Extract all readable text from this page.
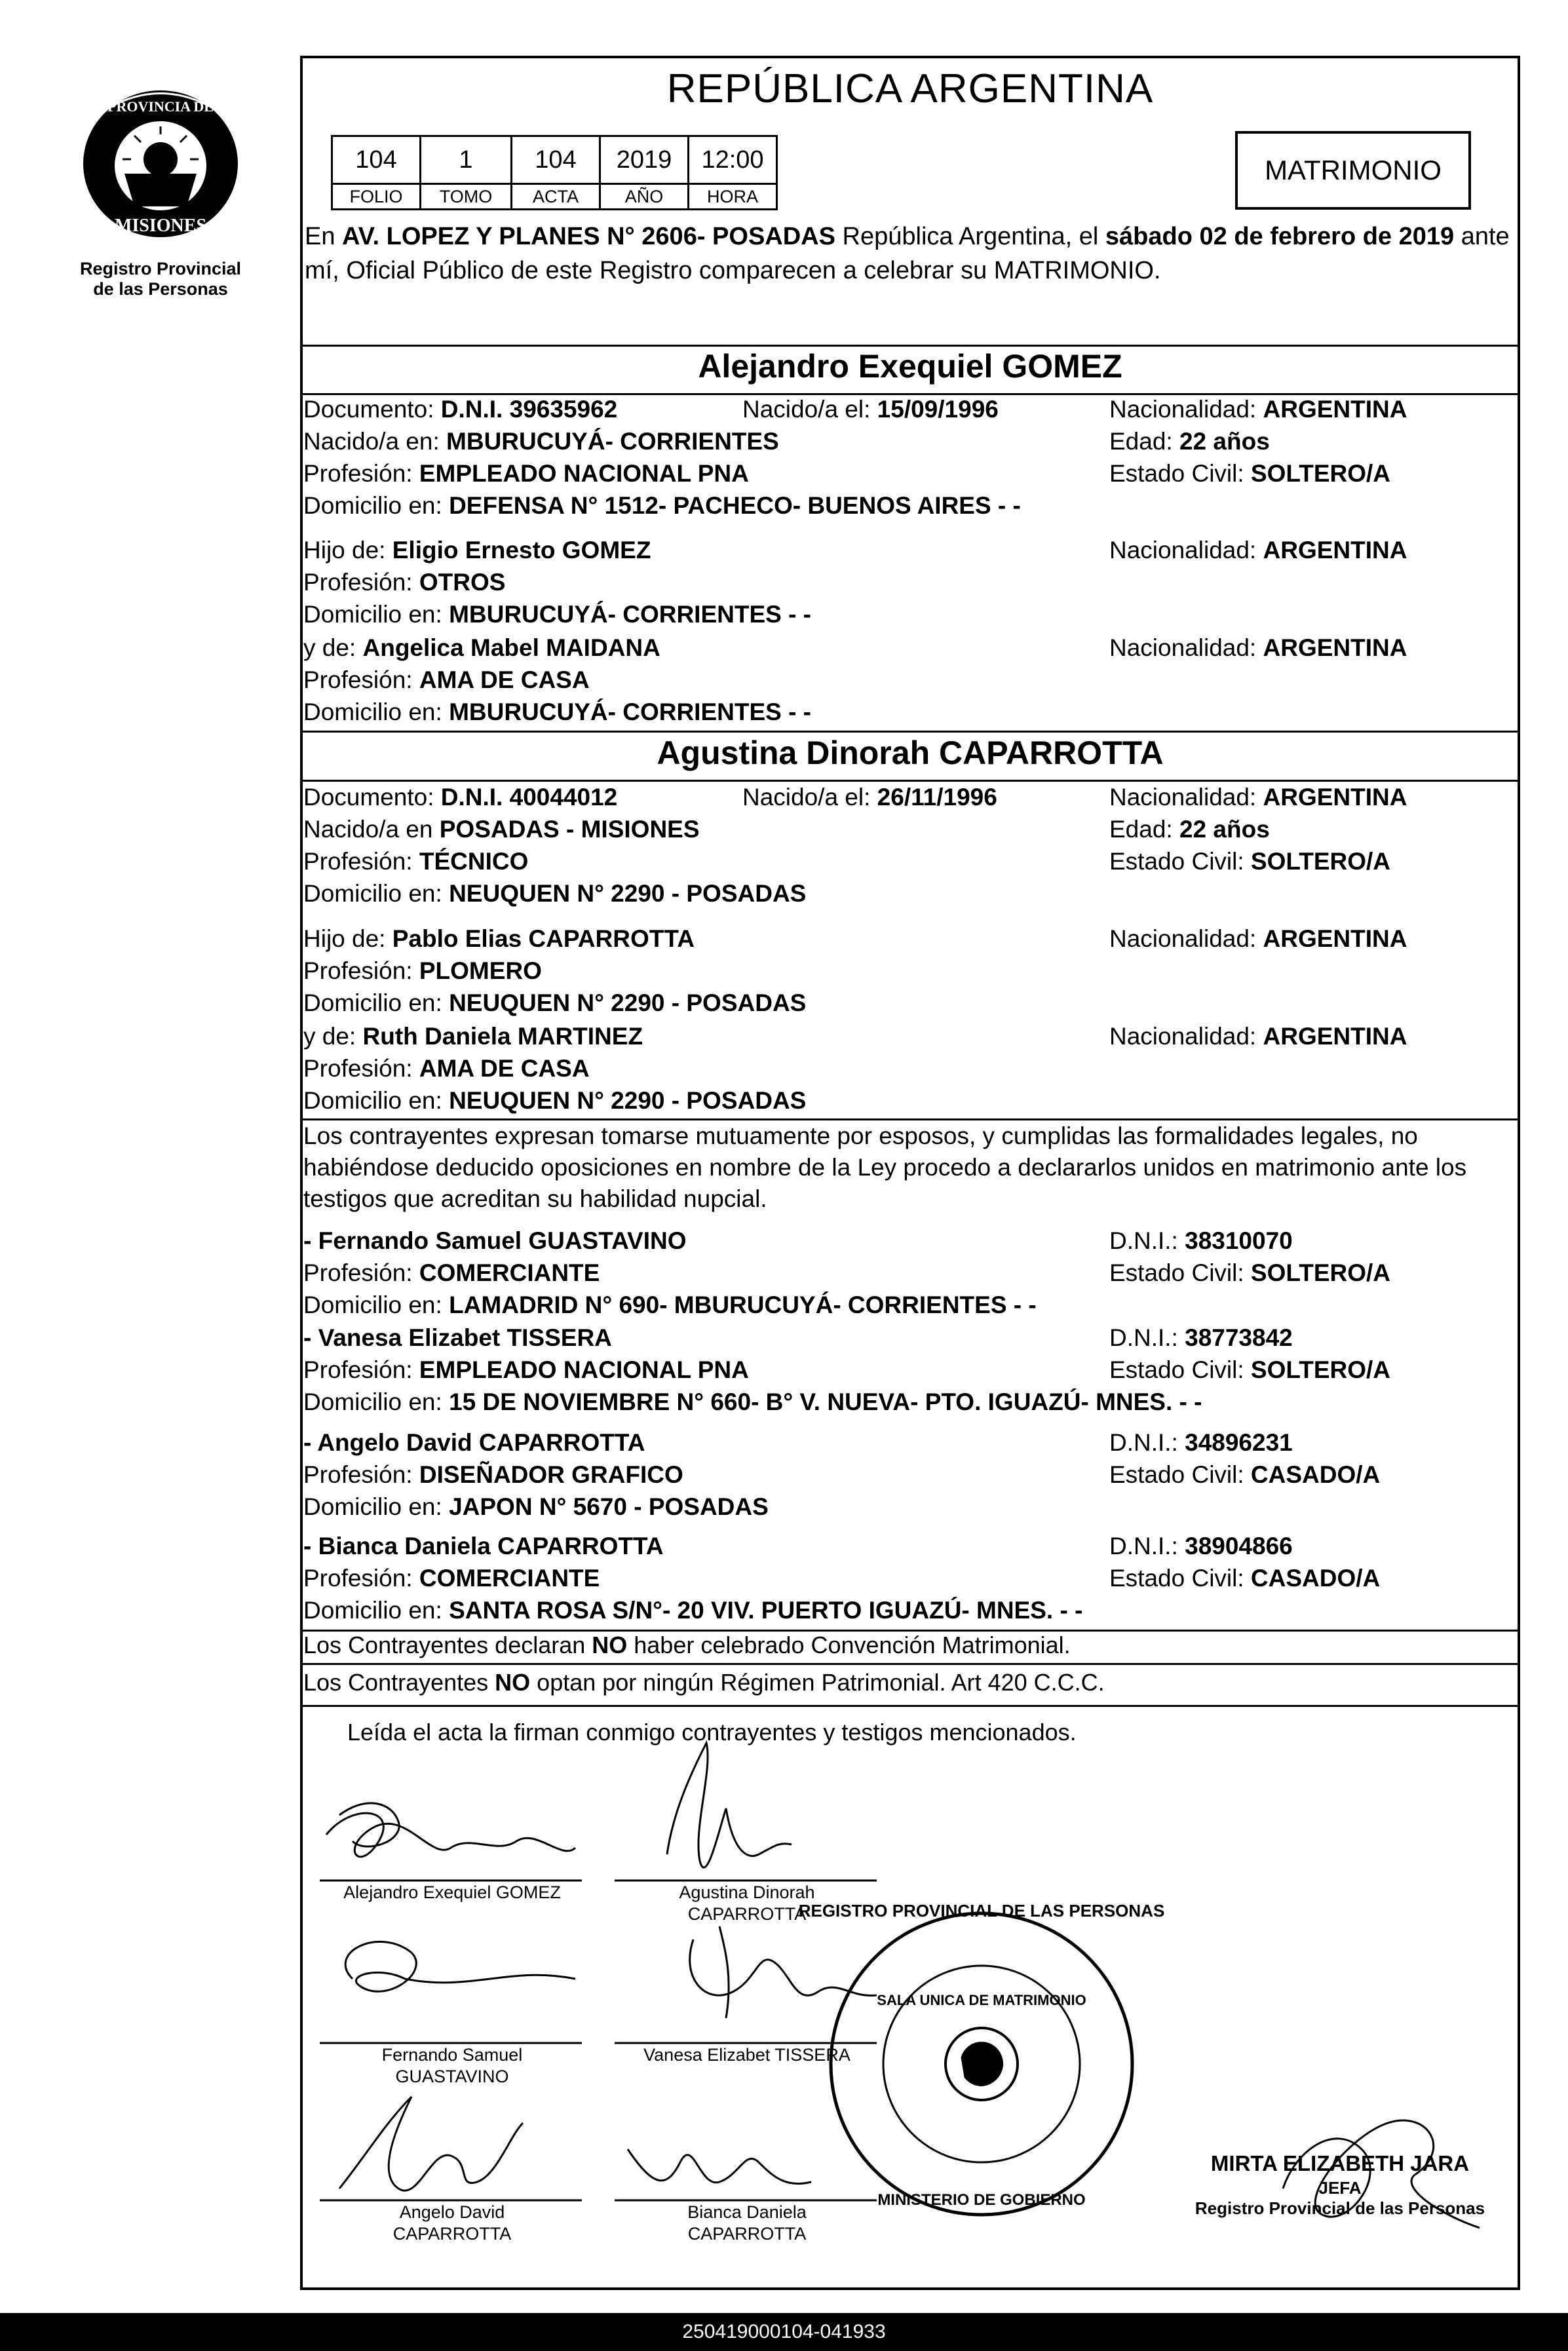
PROVINCIA DE
MISIONES
Registro Provincial
de las Personas
REPÚBLICA ARGENTINA
104	1	104	2019	12:00
FOLIO	TOMO	ACTA	AÑO	HORA
MATRIMONIO
En AV. LOPEZ Y PLANES N° 2606- POSADAS República Argentina, el sábado 02 de febrero de 2019 ante mí, Oficial Público de este Registro comparecen a celebrar su MATRIMONIO.
Alejandro Exequiel GOMEZ
Documento: D.N.I. 39635962	Nacido/a el: 15/09/1996	Nacionalidad: ARGENTINA
Nacido/a en: MBURUCUYÁ- CORRIENTES	Edad: 22 años
Profesión: EMPLEADO NACIONAL PNA	Estado Civil: SOLTERO/A
Domicilio en: DEFENSA N° 1512- PACHECO- BUENOS AIRES - -
Hijo de: Eligio Ernesto GOMEZ	Nacionalidad: ARGENTINA
Profesión: OTROS
Domicilio en: MBURUCUYÁ- CORRIENTES - -
y de: Angelica Mabel MAIDANA	Nacionalidad: ARGENTINA
Profesión: AMA DE CASA
Domicilio en: MBURUCUYÁ- CORRIENTES - -
Agustina Dinorah CAPARROTTA
Documento: D.N.I. 40044012	Nacido/a el: 26/11/1996	Nacionalidad: ARGENTINA
Nacido/a en POSADAS - MISIONES	Edad: 22 años
Profesión: TÉCNICO	Estado Civil: SOLTERO/A
Domicilio en: NEUQUEN N° 2290 - POSADAS
Hijo de: Pablo Elias CAPARROTTA	Nacionalidad: ARGENTINA
Profesión: PLOMERO
Domicilio en: NEUQUEN N° 2290 - POSADAS
y de: Ruth Daniela MARTINEZ	Nacionalidad: ARGENTINA
Profesión: AMA DE CASA
Domicilio en: NEUQUEN N° 2290 - POSADAS
Los contrayentes expresan tomarse mutuamente por esposos, y cumplidas las formalidades legales, no habiéndose deducido oposiciones en nombre de la Ley procedo a declararlos unidos en matrimonio ante los testigos que acreditan su habilidad nupcial.
- Fernando Samuel GUASTAVINO	D.N.I.: 38310070
Profesión: COMERCIANTE	Estado Civil: SOLTERO/A
Domicilio en: LAMADRID N° 690- MBURUCUYÁ- CORRIENTES - -
- Vanesa Elizabet TISSERA	D.N.I.: 38773842
Profesión: EMPLEADO NACIONAL PNA	Estado Civil: SOLTERO/A
Domicilio en: 15 DE NOVIEMBRE N° 660- B° V. NUEVA- PTO. IGUAZÚ- MNES. - -
- Angelo David CAPARROTTA	D.N.I.: 34896231
Profesión: DISEÑADOR GRAFICO	Estado Civil: CASADO/A
Domicilio en: JAPON N° 5670 - POSADAS
- Bianca Daniela CAPARROTTA	D.N.I.: 38904866
Profesión: COMERCIANTE	Estado Civil: CASADO/A
Domicilio en: SANTA ROSA S/N°- 20 VIV. PUERTO IGUAZÚ- MNES. - -
Los Contrayentes declaran NO haber celebrado Convención Matrimonial.
Los Contrayentes NO optan por ningún Régimen Patrimonial. Art 420 C.C.C.
Leída el acta la firman conmigo contrayentes y testigos mencionados.
REGISTRO PROVINCIAL DE LAS PERSONAS
SALA UNICA DE MATRIMONIO
MINISTERIO DE GOBIERNO
Alejandro Exequiel GOMEZ	Agustina Dinorah
CAPARROTTA
Fernando Samuel
GUASTAVINO
Vanesa Elizabet TISSERA
Angelo David
CAPARROTTA
Bianca Daniela
CAPARROTTA
MIRTA ELIZABETH JARA
JEFA
Registro Provincial de las Personas
250419000104-041933
